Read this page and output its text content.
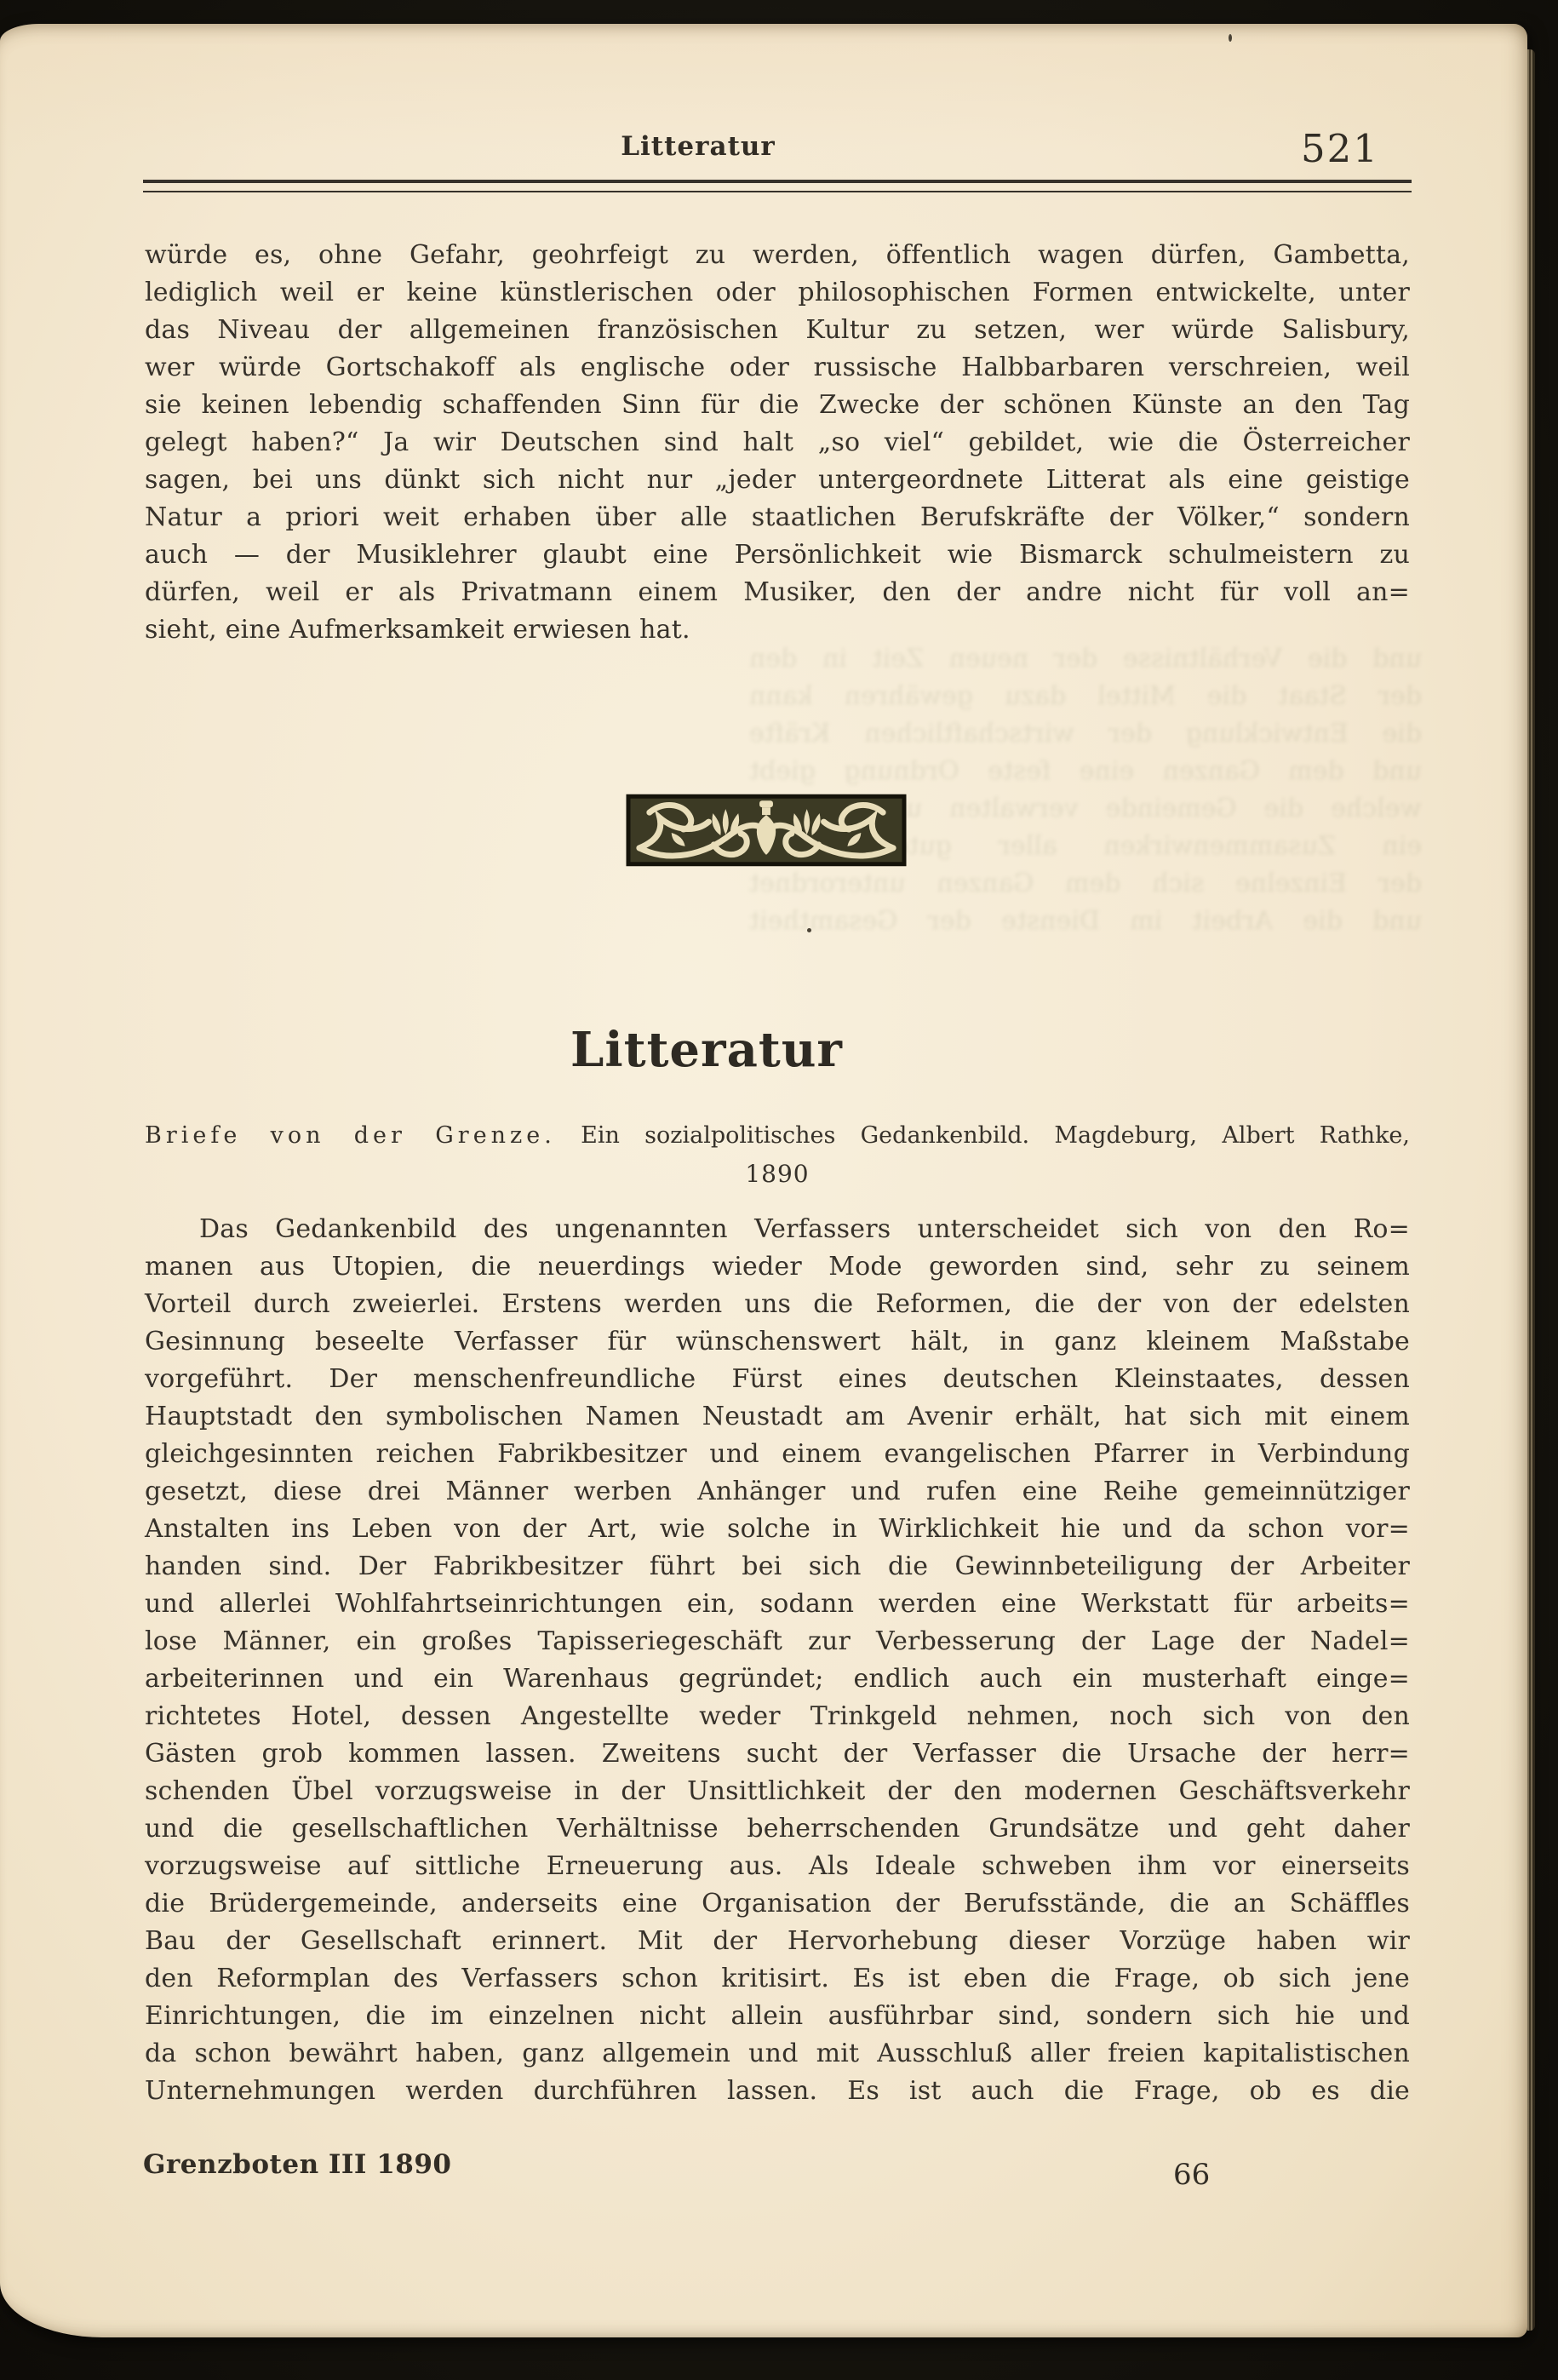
und die Verhältnisse der neuen Zeit in den
der Staat die Mittel dazu gewähren kann
die Entwicklung der wirtschaftlichen Kräfte
und dem Ganzen eine feste Ordnung giebt
welche die Gemeinde verwalten und pflegen
ein Zusammenwirken aller guten Kräfte
der Einzelne sich dem Ganzen unterordnet
und die Arbeit im Dienste der Gesamtheit
Litteratur	521
würde es, ohne Gefahr, geohrfeigt zu werden, öffentlich wagen dürfen, Gambetta,
lediglich weil er keine künstlerischen oder philosophischen Formen entwickelte, unter
das Niveau der allgemeinen französischen Kultur zu setzen, wer würde Salisbury,
wer würde Gortschakoff als englische oder russische Halbbarbaren verschreien, weil
sie keinen lebendig schaffenden Sinn für die Zwecke der schönen Künste an den Tag
gelegt haben?“ Ja wir Deutschen sind halt „so viel“ gebildet, wie die Österreicher
sagen, bei uns dünkt sich nicht nur „jeder untergeordnete Litterat als eine geistige
Natur a priori weit erhaben über alle staatlichen Berufskräfte der Völker,“ sondern
auch — der Musiklehrer glaubt eine Persönlichkeit wie Bismarck schulmeistern zu
dürfen, weil er als Privatmann einem Musiker, den der andre nicht für voll an=
sieht, eine Aufmerksamkeit erwiesen hat.
Litteratur
Briefe von der Grenze. Ein sozialpolitisches Gedankenbild. Magdeburg, Albert Rathke,
1890
Das Gedankenbild des ungenannten Verfassers unterscheidet sich von den Ro=
manen aus Utopien, die neuerdings wieder Mode geworden sind, sehr zu seinem
Vorteil durch zweierlei. Erstens werden uns die Reformen, die der von der edelsten
Gesinnung beseelte Verfasser für wünschenswert hält, in ganz kleinem Maßstabe
vorgeführt. Der menschenfreundliche Fürst eines deutschen Kleinstaates, dessen
Hauptstadt den symbolischen Namen Neustadt am Avenir erhält, hat sich mit einem
gleichgesinnten reichen Fabrikbesitzer und einem evangelischen Pfarrer in Verbindung
gesetzt, diese drei Männer werben Anhänger und rufen eine Reihe gemeinnütziger
Anstalten ins Leben von der Art, wie solche in Wirklichkeit hie und da schon vor=
handen sind. Der Fabrikbesitzer führt bei sich die Gewinnbeteiligung der Arbeiter
und allerlei Wohlfahrtseinrichtungen ein, sodann werden eine Werkstatt für arbeits=
lose Männer, ein großes Tapisseriegeschäft zur Verbesserung der Lage der Nadel=
arbeiterinnen und ein Warenhaus gegründet; endlich auch ein musterhaft einge=
richtetes Hotel, dessen Angestellte weder Trinkgeld nehmen, noch sich von den
Gästen grob kommen lassen. Zweitens sucht der Verfasser die Ursache der herr=
schenden Übel vorzugsweise in der Unsittlichkeit der den modernen Geschäftsverkehr
und die gesellschaftlichen Verhältnisse beherrschenden Grundsätze und geht daher
vorzugsweise auf sittliche Erneuerung aus. Als Ideale schweben ihm vor einerseits
die Brüdergemeinde, anderseits eine Organisation der Berufsstände, die an Schäffles
Bau der Gesellschaft erinnert. Mit der Hervorhebung dieser Vorzüge haben wir
den Reformplan des Verfassers schon kritisirt. Es ist eben die Frage, ob sich jene
Einrichtungen, die im einzelnen nicht allein ausführbar sind, sondern sich hie und
da schon bewährt haben, ganz allgemein und mit Ausschluß aller freien kapitalistischen
Unternehmungen werden durchführen lassen. Es ist auch die Frage, ob es die
Grenzboten III 1890	66
